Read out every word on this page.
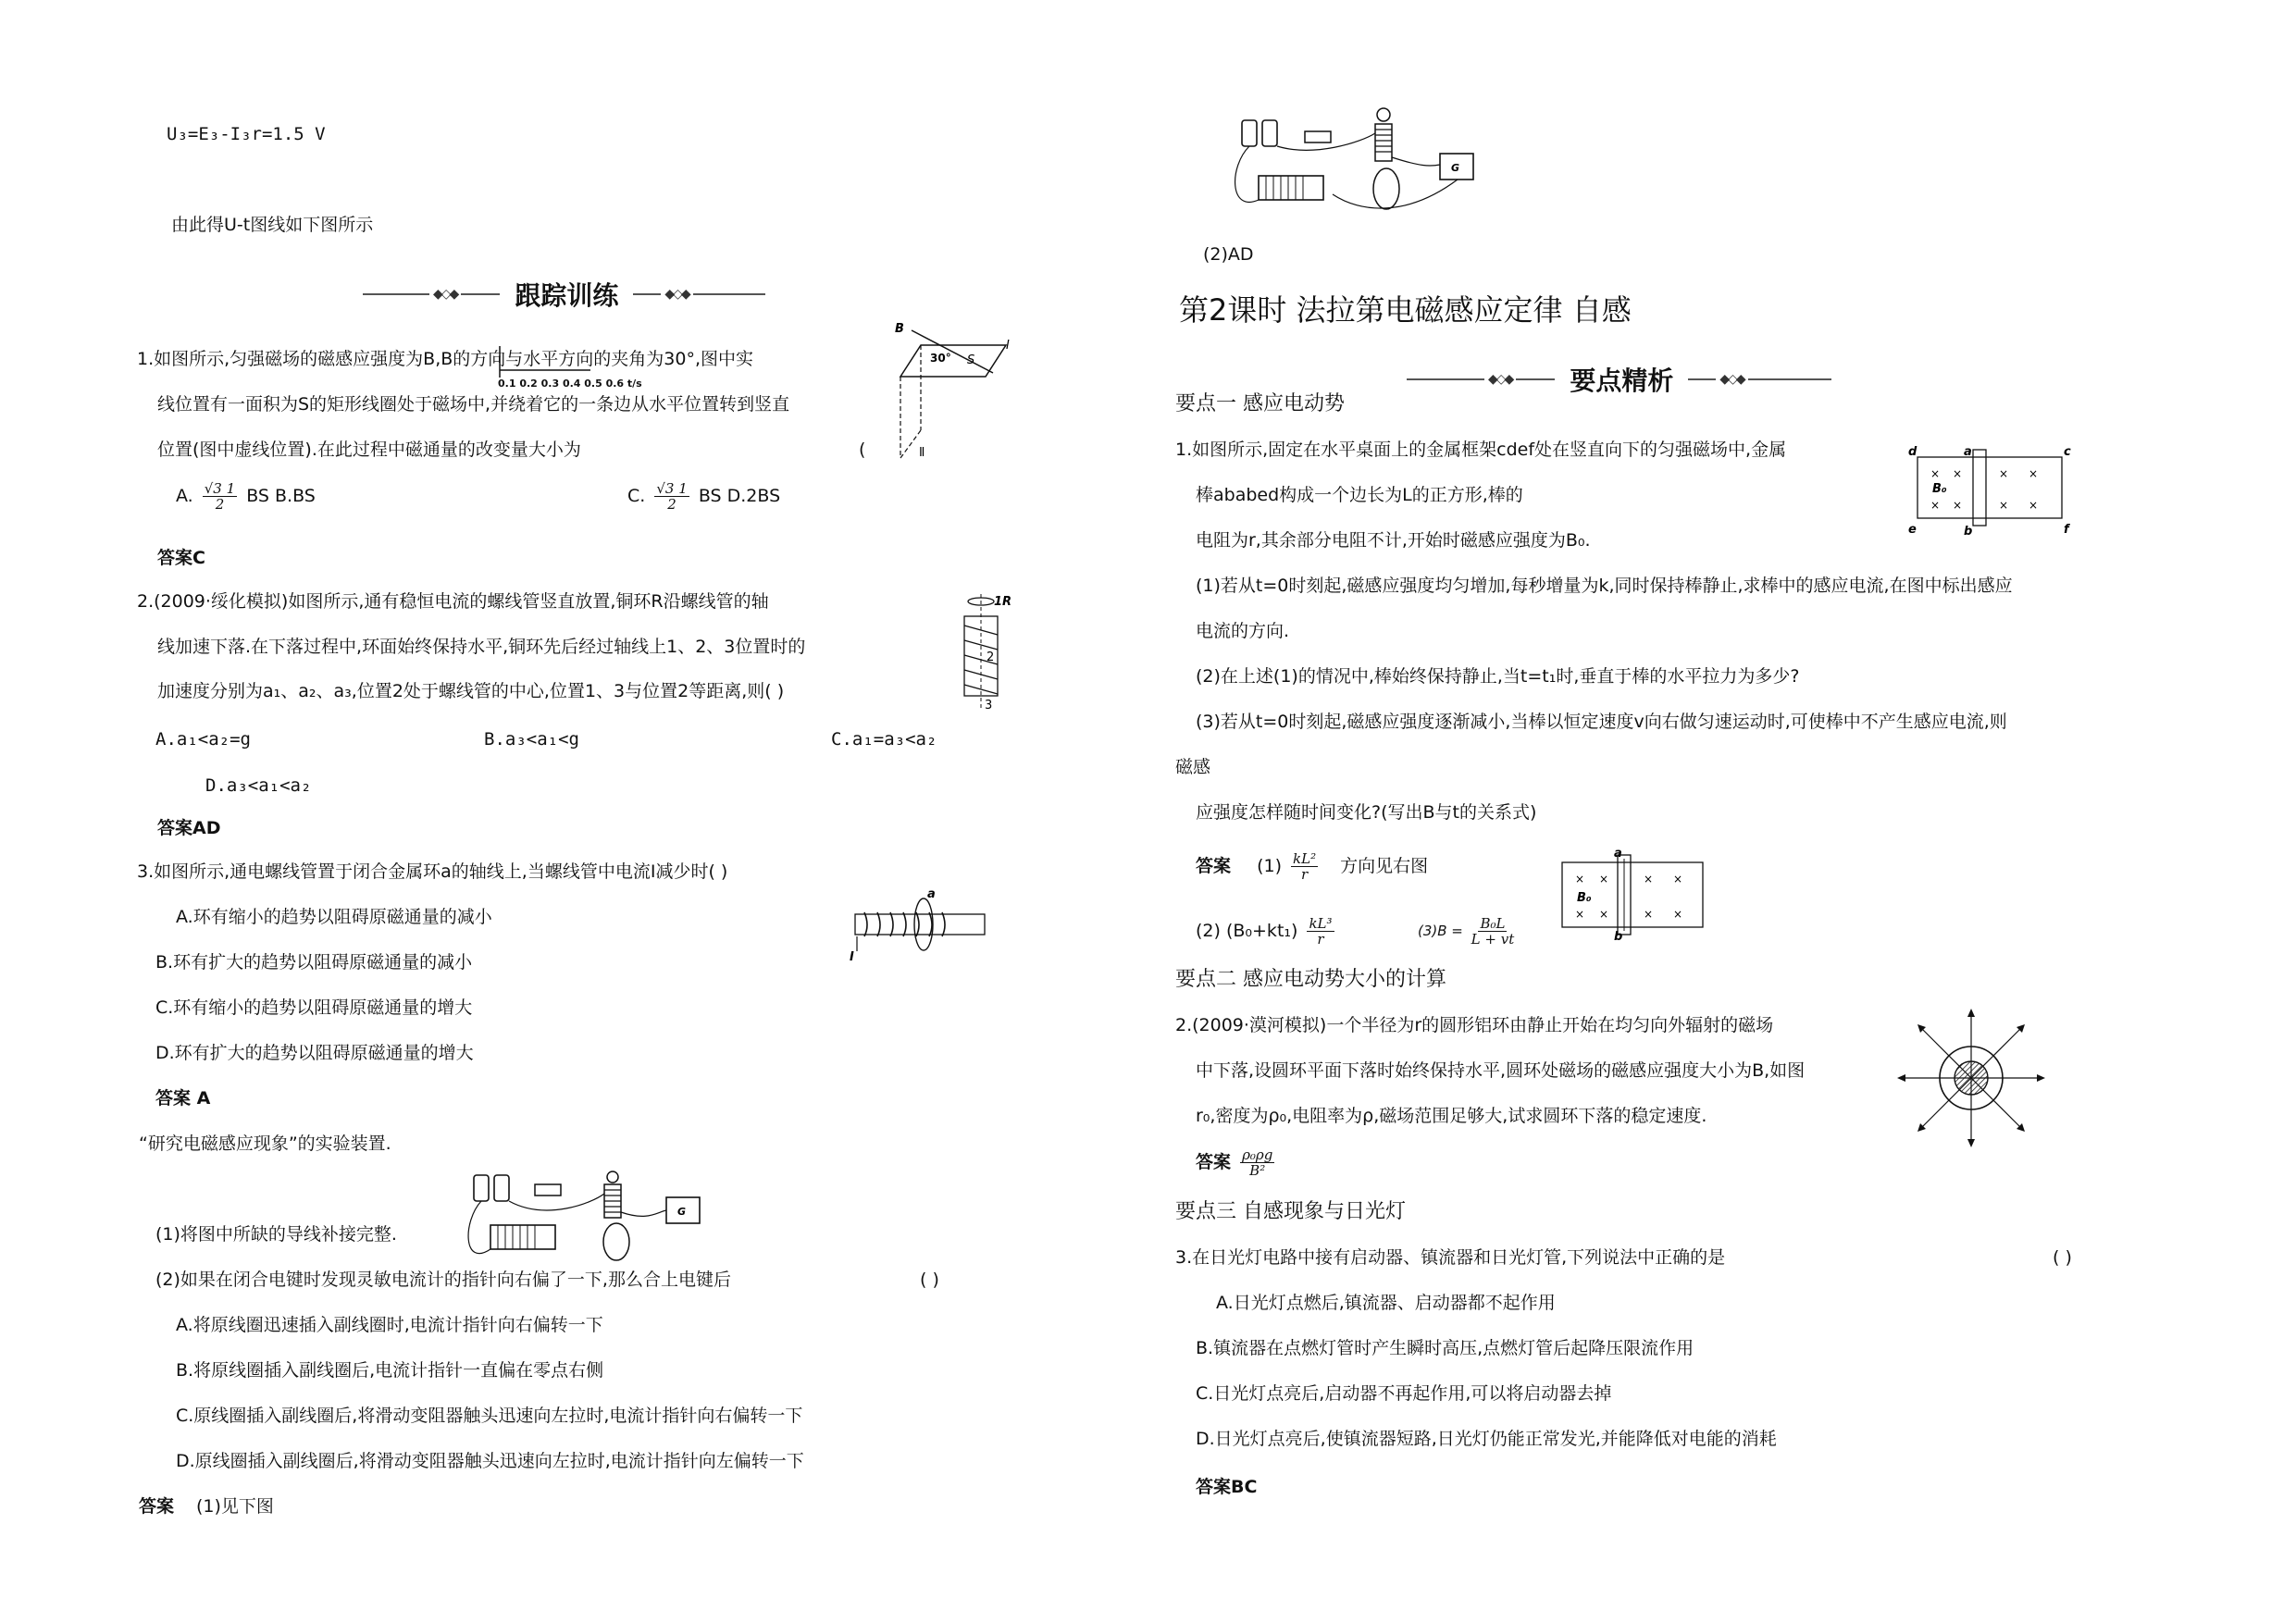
U₃=E₃-I₃r=1.5 V
由此得U-t图线如下图所示
◆◇◆ 跟踪训练	◆◇◆
1.如图所示,匀强磁场的磁感应强度为B,B的方向与水平方向的夹角为30°,图中实
线位置有一面积为S的矩形线圈处于磁场中,并绕着它的一条边从水平位置转到竖直
位置(图中虚线位置).在此过程中磁通量的改变量大小为	(
A. $\frac{√3 1}{2}$ BS B.BS	C. $\frac{√3 1}{2}$ BS D.2BS
答案C
0.1 0.2 0.3 0.4 0.5 0.6 t/s
B
30° S
I
Ⅱ
2.(2009·绥化模拟)如图所示,通有稳恒电流的螺线管竖直放置,铜环R沿螺线管的轴
线加速下落.在下落过程中,环面始终保持水平,铜环先后经过轴线上1、2、3位置时的
加速度分别为a₁、a₂、a₃,位置2处于螺线管的中心,位置1、3与位置2等距离,则( )
A.a₁<a₂=g	B.a₃<a₁<g	C.a₁=a₃<a₂
D.a₃<a₁<a₂
答案AD
1R
2
3
3.如图所示,通电螺线管置于闭合金属环a的轴线上,当螺线管中电流I减少时( )
A.环有缩小的趋势以阻碍原磁通量的减小
B.环有扩大的趋势以阻碍原磁通量的减小
C.环有缩小的趋势以阻碍原磁通量的增大
D.环有扩大的趋势以阻碍原磁通量的增大
答案 A
I
a
“研究电磁感应现象”的实验装置.
G
(1)将图中所缺的导线补接完整.
(2)如果在闭合电键时发现灵敏电流计的指针向右偏了一下,那么合上电键后	( )
A.将原线圈迅速插入副线圈时,电流计指针向右偏转一下
B.将原线圈插入副线圈后,电流计指针一直偏在零点右侧
C.原线圈插入副线圈后,将滑动变阻器触头迅速向左拉时,电流计指针向右偏转一下
D.原线圈插入副线圈后,将滑动变阻器触头迅速向左拉时,电流计指针向左偏转一下
答案 (1)见下图
G
(2)AD
第2课时 法拉第电磁感应定律 自感
◆◇◆ 要点精析	◆◇◆
要点一 感应电动势
1.如图所示,固定在水平桌面上的金属框架cdef处在竖直向下的匀强磁场中,金属
棒ababed构成一个边长为L的正方形,棒的
电阻为r,其余部分电阻不计,开始时磁感应强度为B₀.
(1)若从t=0时刻起,磁感应强度均匀增加,每秒增量为k,同时保持棒静止,求棒中的感应电流,在图中标出感应
电流的方向.
(2)在上述(1)的情况中,棒始终保持静止,当t=t₁时,垂直于棒的水平拉力为多少?
(3)若从t=0时刻起,磁感应强度逐渐减小,当棒以恒定速度v向右做匀速运动时,可使棒中不产生感应电流,则
磁感
应强度怎样随时间变化?(写出B与t的关系式)
d	a	c
e	b	f
B₀
× ×
× ×
× ×
× ×
答案 $(1) \frac{\text{kL²}}{r}$ 方向见右图
(2) $(B_0+kt_1) \frac{\text{kL³}}{r}$	$(3)B = \frac{\text{B₀L}}{L + vt}$
a
b
B₀
× ×
× ×
× ×
× ×
要点二 感应电动势大小的计算
2.(2009·漠河模拟)一个半径为r的圆形铝环由静止开始在均匀向外辐射的磁场
中下落,设圆环平面下落时始终保持水平,圆环处磁场的磁感应强度大小为B,如图
r₀,密度为ρ₀,电阻率为ρ,磁场范围足够大,试求圆环下落的稳定速度.
答案 $\frac{\text{ρ₀ρg}}{\text{B²}}$
要点三 自感现象与日光灯
3.在日光灯电路中接有启动器、镇流器和日光灯管,下列说法中正确的是	( )
A.日光灯点燃后,镇流器、启动器都不起作用
B.镇流器在点燃灯管时产生瞬时高压,点燃灯管后起降压限流作用
C.日光灯点亮后,启动器不再起作用,可以将启动器去掉
D.日光灯点亮后,使镇流器短路,日光灯仍能正常发光,并能降低对电能的消耗
答案BC
